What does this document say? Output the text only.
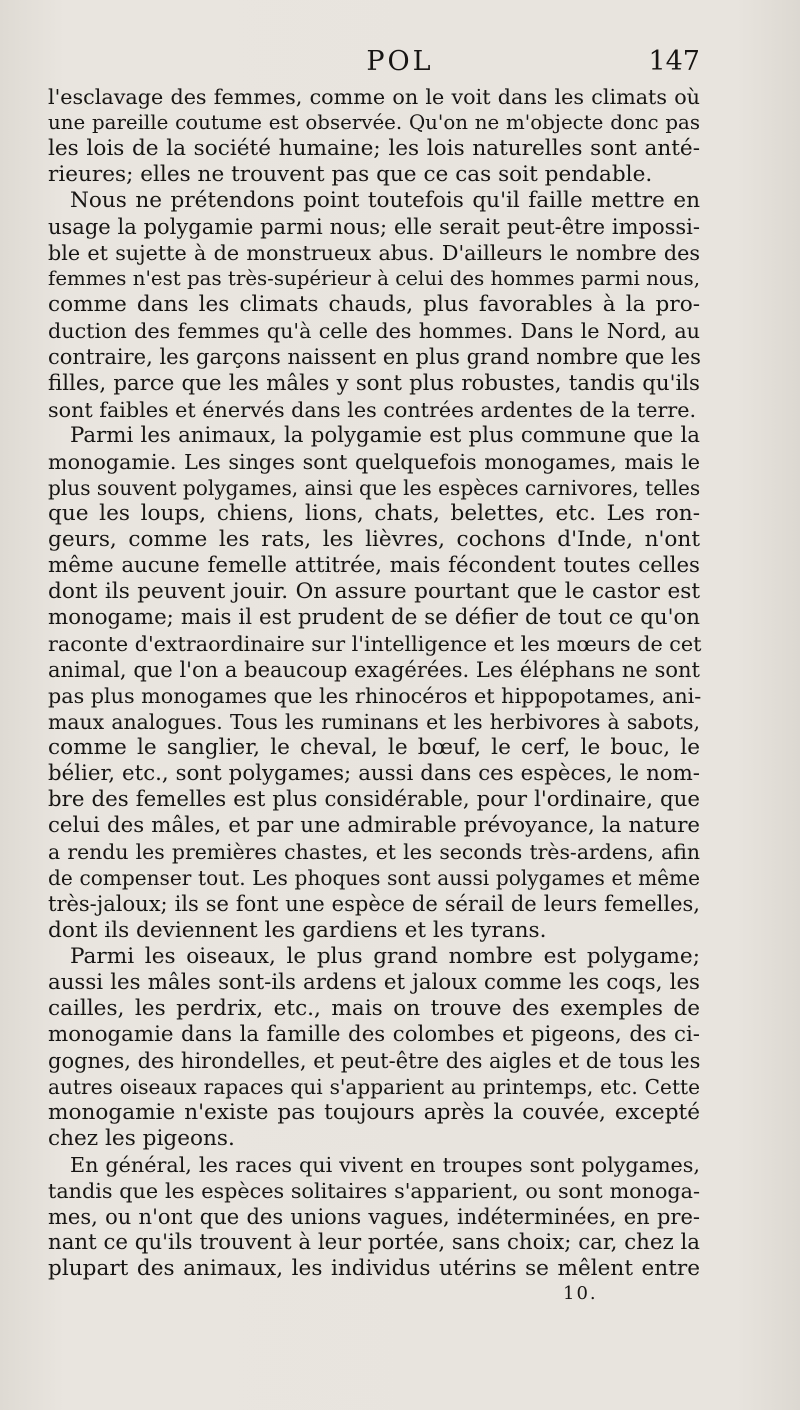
POL	147
l'esclavage des femmes, comme on le voit dans les climats où
une pareille coutume est observée. Qu'on ne m'objecte donc pas
les lois de la société humaine; les lois naturelles sont anté-
rieures; elles ne trouvent pas que ce cas soit pendable.
Nous ne prétendons point toutefois qu'il faille mettre en
usage la polygamie parmi nous; elle serait peut-être impossi-
ble et sujette à de monstrueux abus. D'ailleurs le nombre des
femmes n'est pas très-supérieur à celui des hommes parmi nous,
comme dans les climats chauds, plus favorables à la pro-
duction des femmes qu'à celle des hommes. Dans le Nord, au
contraire, les garçons naissent en plus grand nombre que les
filles, parce que les mâles y sont plus robustes, tandis qu'ils
sont faibles et énervés dans les contrées ardentes de la terre.
Parmi les animaux, la polygamie est plus commune que la
monogamie. Les singes sont quelquefois monogames, mais le
plus souvent polygames, ainsi que les espèces carnivores, telles
que les loups, chiens, lions, chats, belettes, etc. Les ron-
geurs, comme les rats, les lièvres, cochons d'Inde, n'ont
même aucune femelle attitrée, mais fécondent toutes celles
dont ils peuvent jouir. On assure pourtant que le castor est
monogame; mais il est prudent de se défier de tout ce qu'on
raconte d'extraordinaire sur l'intelligence et les mœurs de cet
animal, que l'on a beaucoup exagérées. Les éléphans ne sont
pas plus monogames que les rhinocéros et hippopotames, ani-
maux analogues. Tous les ruminans et les herbivores à sabots,
comme le sanglier, le cheval, le bœuf, le cerf, le bouc, le
bélier, etc., sont polygames; aussi dans ces espèces, le nom-
bre des femelles est plus considérable, pour l'ordinaire, que
celui des mâles, et par une admirable prévoyance, la nature
a rendu les premières chastes, et les seconds très-ardens, afin
de compenser tout. Les phoques sont aussi polygames et même
très-jaloux; ils se font une espèce de sérail de leurs femelles,
dont ils deviennent les gardiens et les tyrans.
Parmi les oiseaux, le plus grand nombre est polygame;
aussi les mâles sont-ils ardens et jaloux comme les coqs, les
cailles, les perdrix, etc., mais on trouve des exemples de
monogamie dans la famille des colombes et pigeons, des ci-
gognes, des hirondelles, et peut-être des aigles et de tous les
autres oiseaux rapaces qui s'apparient au printemps, etc. Cette
monogamie n'existe pas toujours après la couvée, excepté
chez les pigeons.
En général, les races qui vivent en troupes sont polygames,
tandis que les espèces solitaires s'apparient, ou sont monoga-
mes, ou n'ont que des unions vagues, indéterminées, en pre-
nant ce qu'ils trouvent à leur portée, sans choix; car, chez la
plupart des animaux, les individus utérins se mêlent entre
10.
